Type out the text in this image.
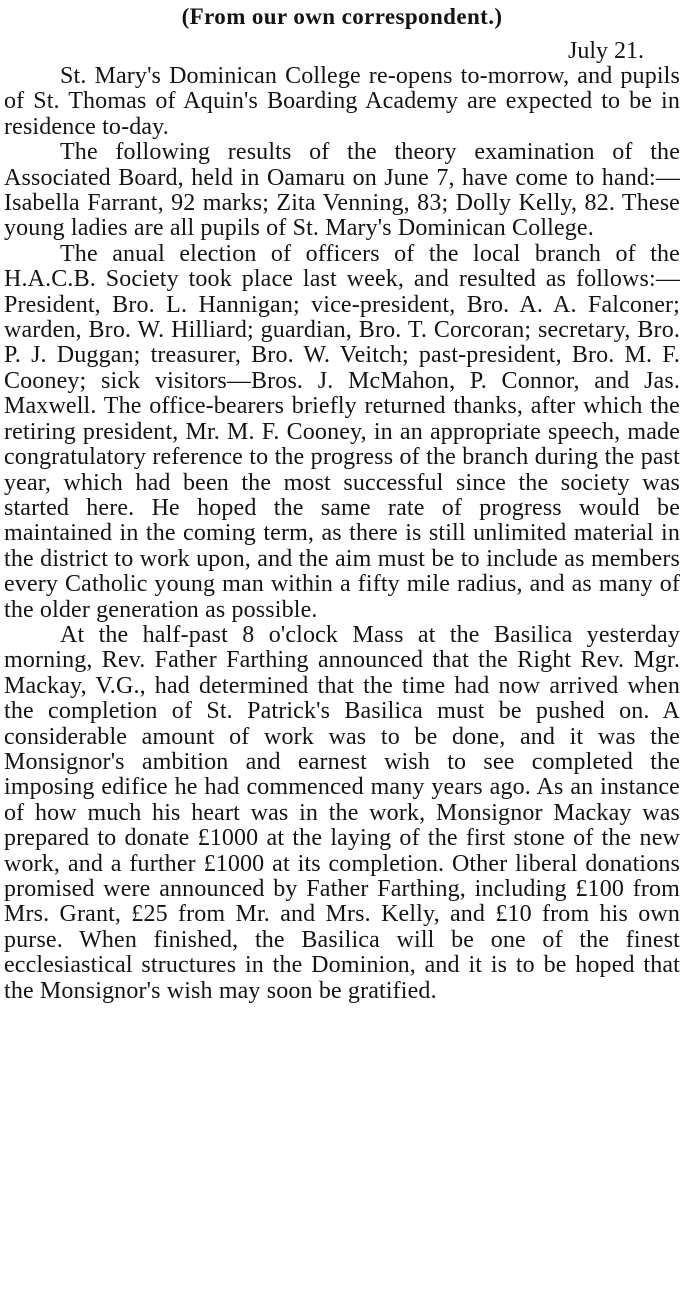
(From our own correspondent.)

July 21.

St. Mary's Dominican College re-opens to-morrow, and pupils of St. Thomas of Aquin's Boarding Academy are expected to be in residence to-day.

The following results of the theory examination of the Associated Board, held in Oamaru on June 7, have come to hand:—Isabella Farrant, 92 marks; Zita Venning, 83; Dolly Kelly, 82. These young ladies are all pupils of St. Mary's Dominican College.

The anual election of officers of the local branch of the H.A.C.B. Society took place last week, and resulted as follows:—President, Bro. L. Hannigan; vice-president, Bro. A. A. Falconer; warden, Bro. W. Hilliard; guardian, Bro. T. Corcoran; secretary, Bro. P. J. Duggan; treasurer, Bro. W. Veitch; past-president, Bro. M. F. Cooney; sick visitors—Bros. J. McMahon, P. Connor, and Jas. Maxwell. The office-bearers briefly returned thanks, after which the retiring president, Mr. M. F. Cooney, in an appropriate speech, made congratulatory reference to the progress of the branch during the past year, which had been the most successful since the society was started here. He hoped the same rate of progress would be maintained in the coming term, as there is still unlimited material in the district to work upon, and the aim must be to include as members every Catholic young man within a fifty mile radius, and as many of the older generation as possible.

At the half-past 8 o'clock Mass at the Basilica yesterday morning, Rev. Father Farthing announced that the Right Rev. Mgr. Mackay, V.G., had determined that the time had now arrived when the completion of St. Patrick's Basilica must be pushed on. A considerable amount of work was to be done, and it was the Monsignor's ambition and earnest wish to see completed the imposing edifice he had commenced many years ago. As an instance of how much his heart was in the work, Monsignor Mackay was prepared to donate £1000 at the laying of the first stone of the new work, and a further £1000 at its completion. Other liberal donations promised were announced by Father Farthing, including £100 from Mrs. Grant, £25 from Mr. and Mrs. Kelly, and £10 from his own purse. When finished, the Basilica will be one of the finest ecclesiastical structures in the Dominion, and it is to be hoped that the Monsignor's wish may soon be gratified.
